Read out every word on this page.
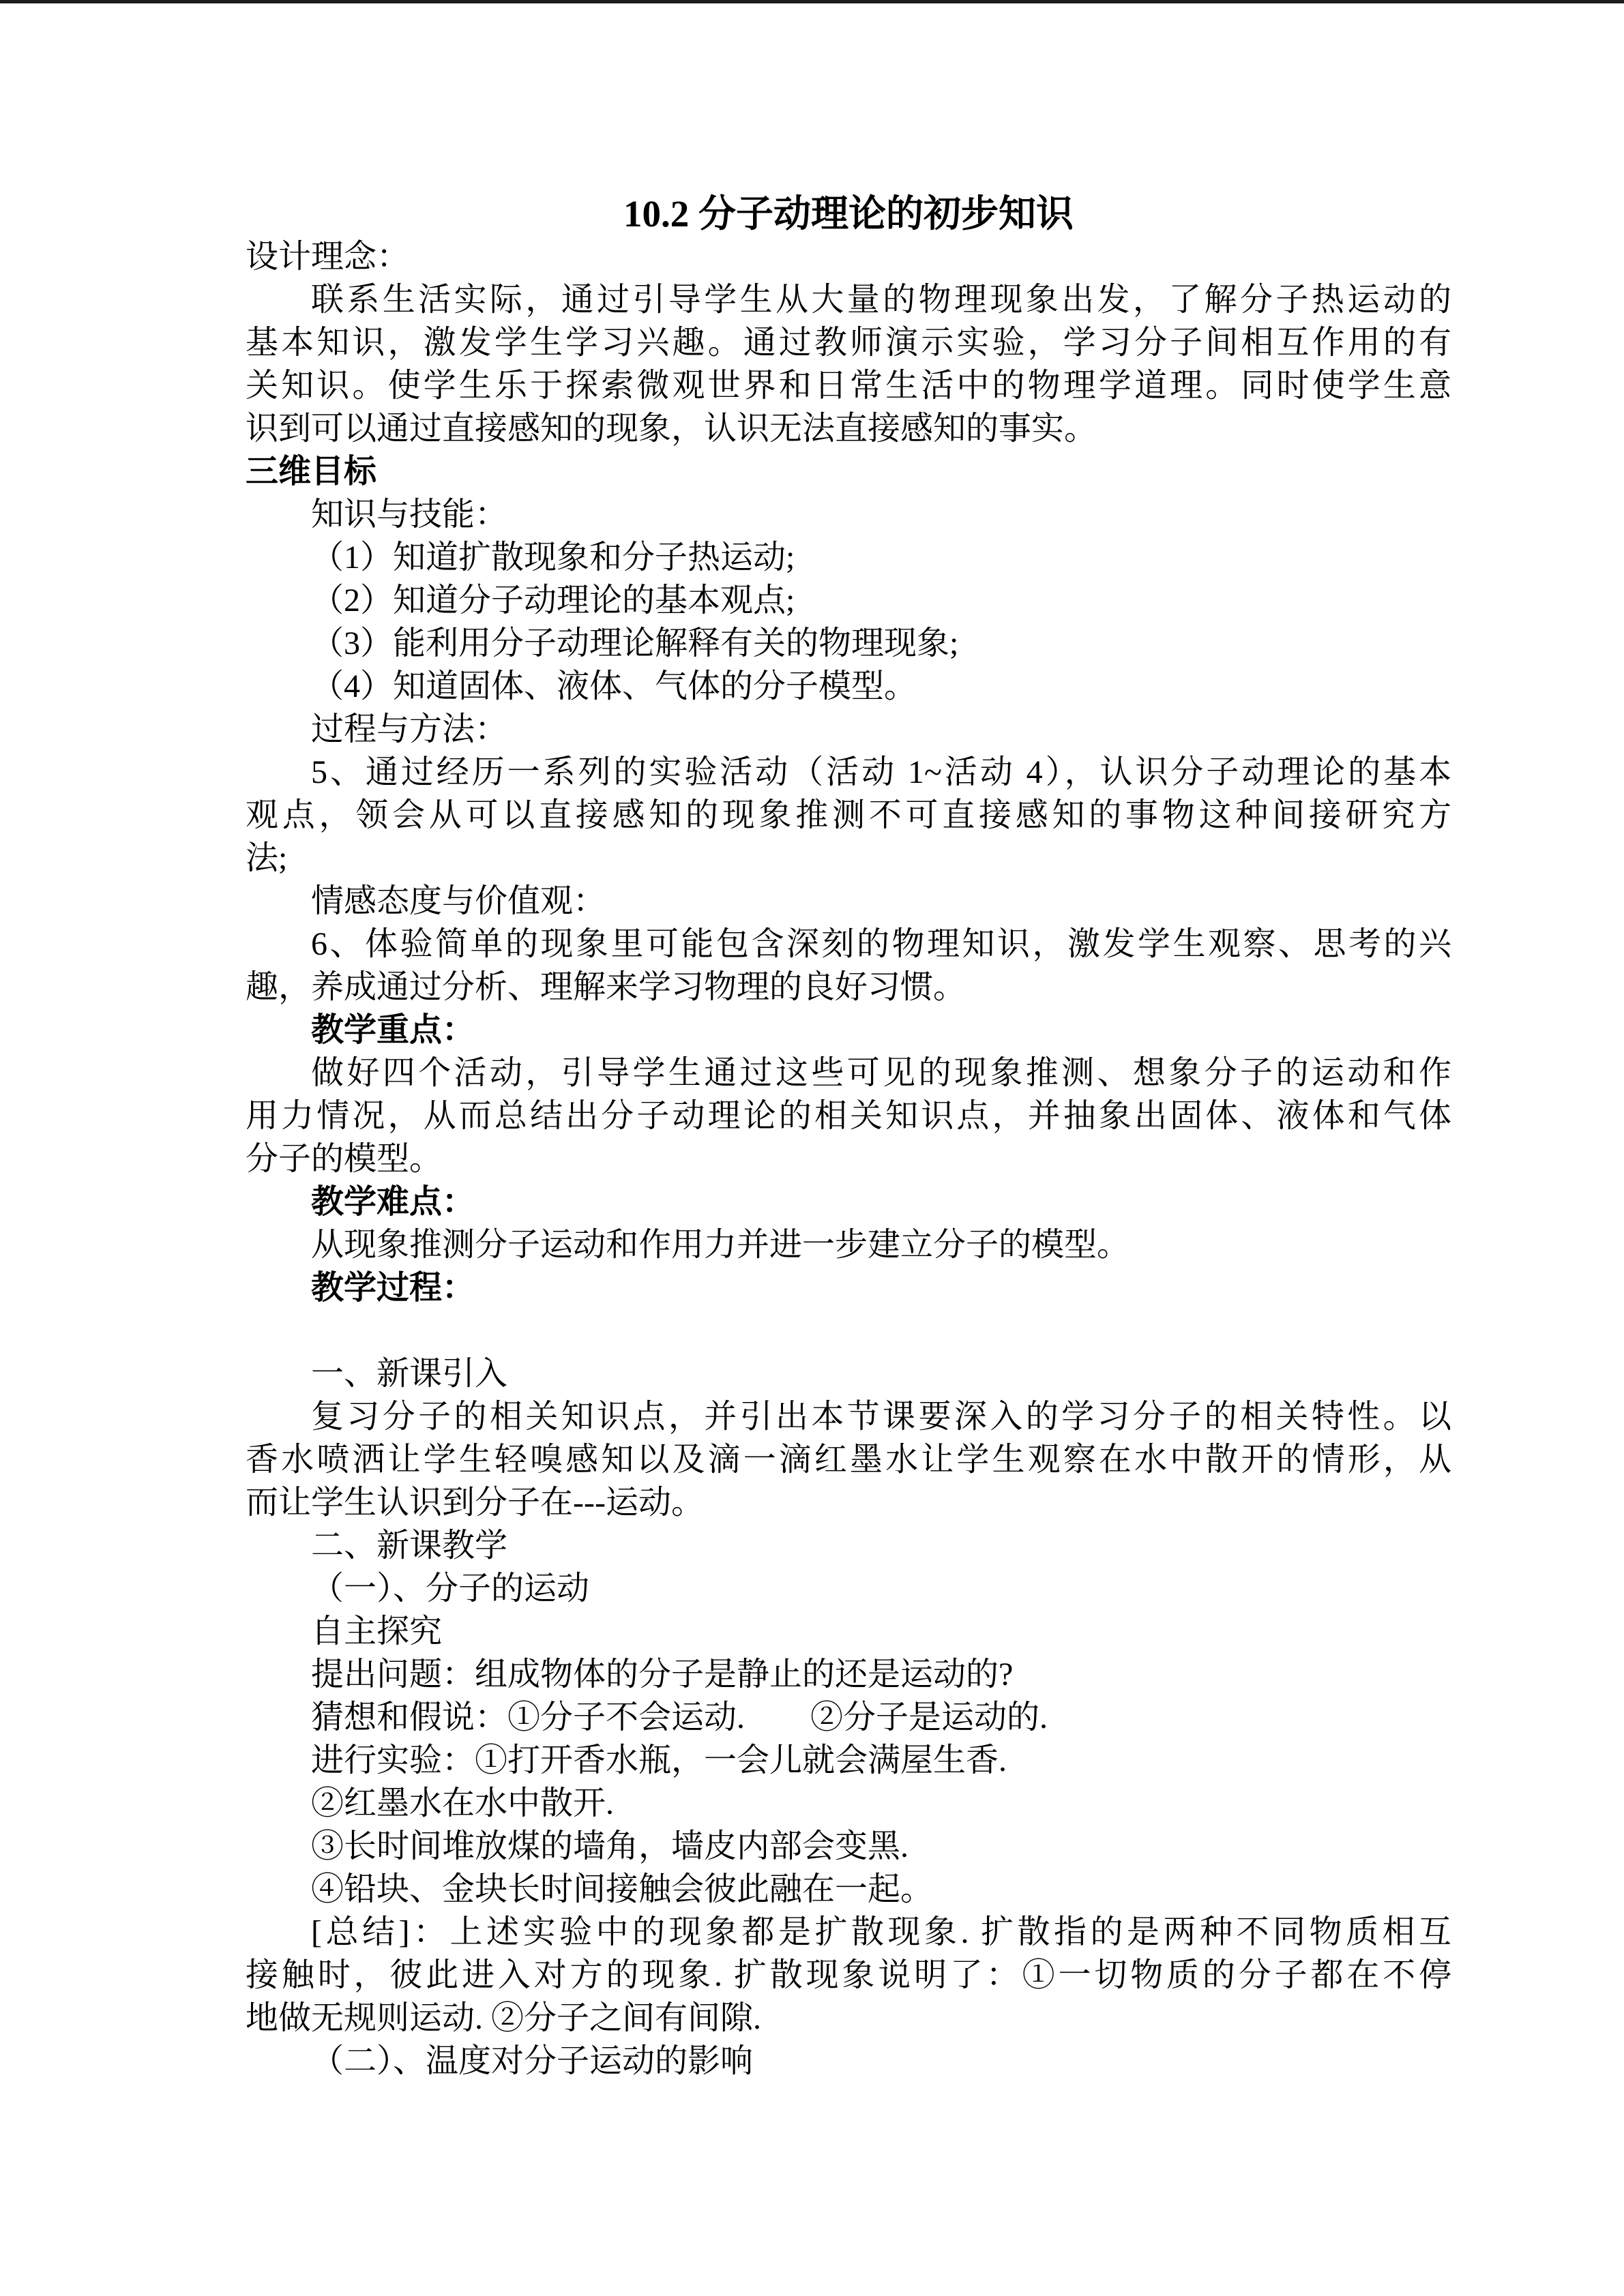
10.2 分子动理论的初步知识

设计理念：

联系生活实际，通过引导学生从大量的物理现象出发，了解分子热运动的

基本知识，激发学生学习兴趣。通过教师演示实验，学习分子间相互作用的有

关知识。使学生乐于探索微观世界和日常生活中的物理学道理。同时使学生意

识到可以通过直接感知的现象，认识无法直接感知的事实。

三维目标

知识与技能：

（1）知道扩散现象和分子热运动;

（2）知道分子动理论的基本观点;

（3）能利用分子动理论解释有关的物理现象;

（4）知道固体、液体、气体的分子模型。

过程与方法：

5、通过经历一系列的实验活动（活动 1~活动 4），认识分子动理论的基本

观点，领会从可以直接感知的现象推测不可直接感知的事物这种间接研究方

法;

情感态度与价值观：

6、体验简单的现象里可能包含深刻的物理知识，激发学生观察、思考的兴

趣，养成通过分析、理解来学习物理的良好习惯。

教学重点：

做好四个活动，引导学生通过这些可见的现象推测、想象分子的运动和作

用力情况，从而总结出分子动理论的相关知识点，并抽象出固体、液体和气体

分子的模型。

教学难点：

从现象推测分子运动和作用力并进一步建立分子的模型。

教学过程：

一、新课引入

复习分子的相关知识点，并引出本节课要深入的学习分子的相关特性。以

香水喷洒让学生轻嗅感知以及滴一滴红墨水让学生观察在水中散开的情形，从

而让学生认识到分子在---运动。

二、新课教学

（一）、分子的运动

自主探究

提出问题：组成物体的分子是静止的还是运动的?

猜想和假说：①分子不会运动.　　②分子是运动的.

进行实验：①打开香水瓶，一会儿就会满屋生香.

②红墨水在水中散开.

③长时间堆放煤的墙角，墙皮内部会变黑.

④铅块、金块长时间接触会彼此融在一起。

[总结]：上述实验中的现象都是扩散现象. 扩散指的是两种不同物质相互

接触时，彼此进入对方的现象. 扩散现象说明了：①一切物质的分子都在不停

地做无规则运动. ②分子之间有间隙.

（二）、温度对分子运动的影响
